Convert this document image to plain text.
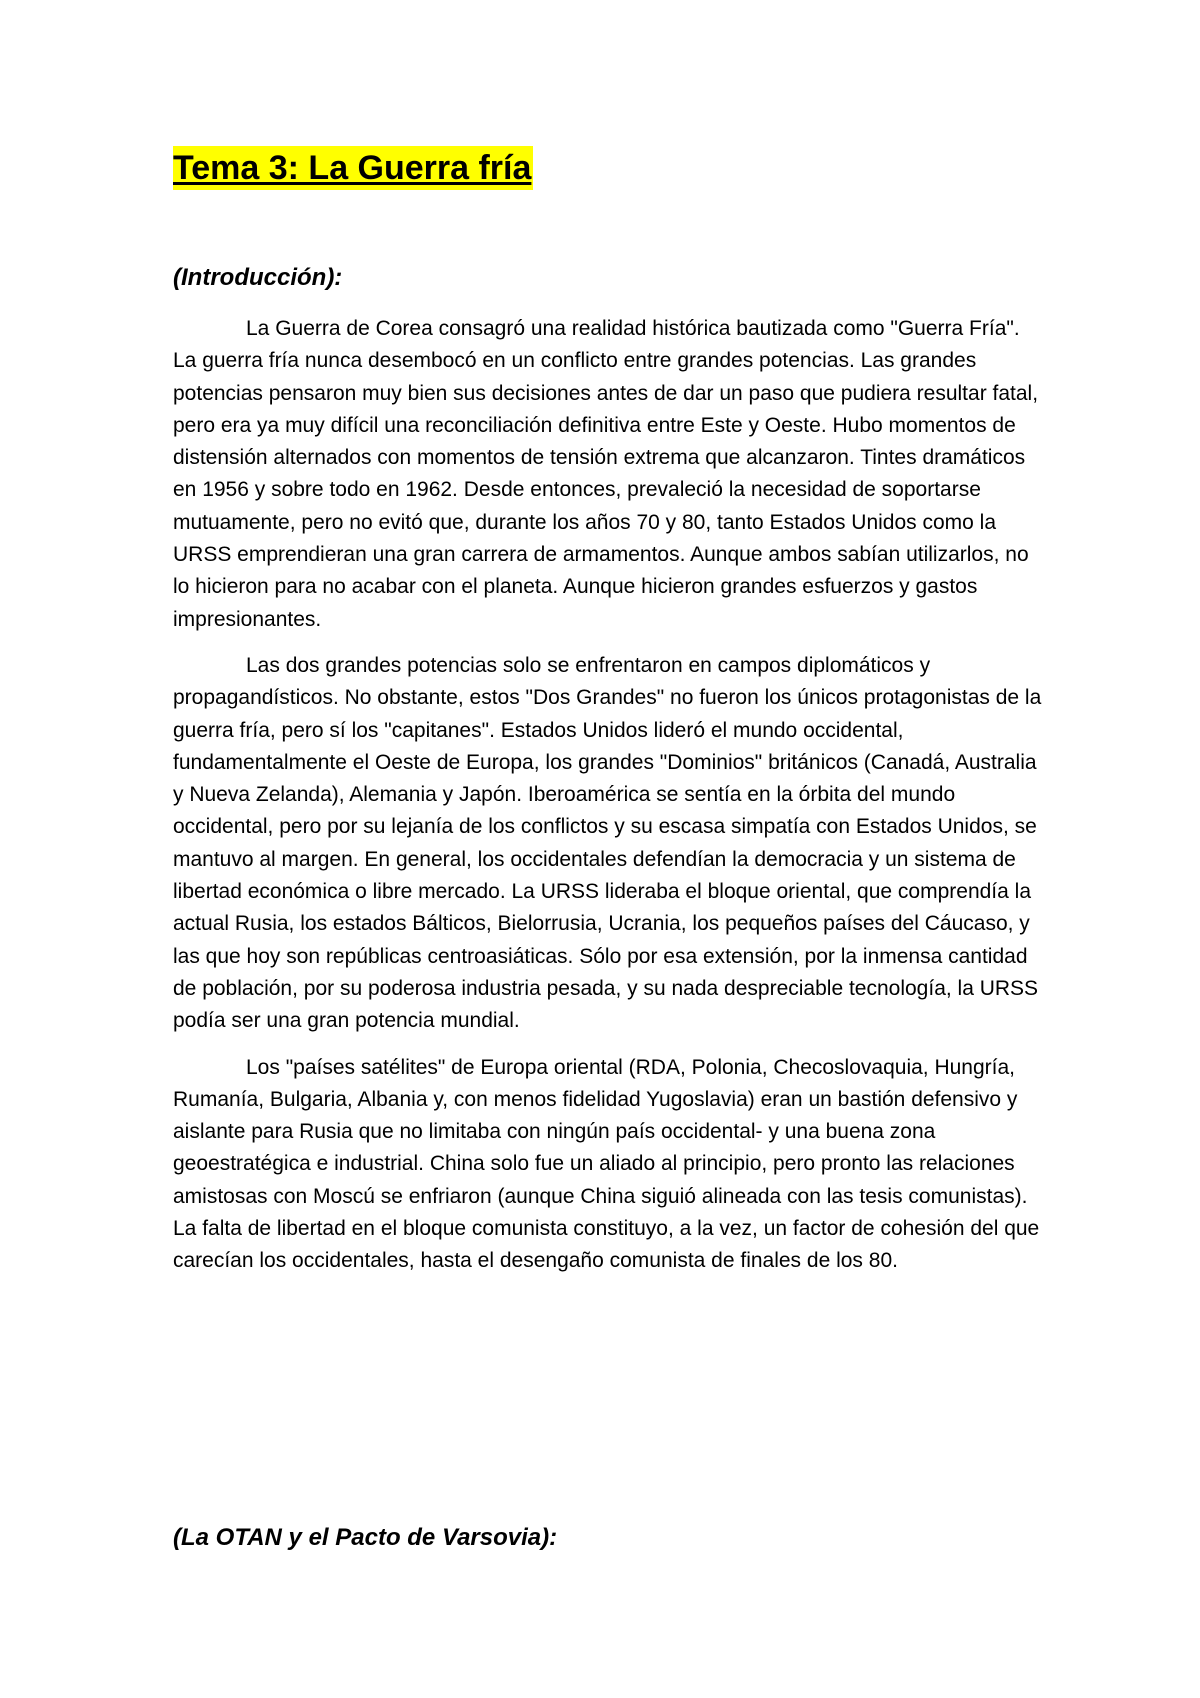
Tema 3: La Guerra fría
(Introducción):

La Guerra de Corea consagró una realidad histórica bautizada como "Guerra Fría". La guerra fría nunca desembocó en un conflicto entre grandes potencias. Las grandes potencias pensaron muy bien sus decisiones antes de dar un paso que pudiera resultar fatal, pero era ya muy difícil una reconciliación definitiva entre Este y Oeste. Hubo momentos de distensión alternados con momentos de tensión extrema que alcanzaron. Tintes dramáticos en 1956 y sobre todo en 1962. Desde entonces, prevaleció la necesidad de soportarse mutuamente, pero no evitó que, durante los años 70 y 80, tanto Estados Unidos como la URSS emprendieran una gran carrera de armamentos. Aunque ambos sabían utilizarlos, no lo hicieron para no acabar con el planeta. Aunque hicieron grandes esfuerzos y gastos impresionantes.

Las dos grandes potencias solo se enfrentaron en campos diplomáticos y propagandísticos. No obstante, estos "Dos Grandes" no fueron los únicos protagonistas de la guerra fría, pero sí los "capitanes". Estados Unidos lideró el mundo occidental, fundamentalmente el Oeste de Europa, los grandes "Dominios" británicos (Canadá, Australia y Nueva Zelanda), Alemania y Japón. Iberoamérica se sentía en la órbita del mundo occidental, pero por su lejanía de los conflictos y su escasa simpatía con Estados Unidos, se mantuvo al margen. En general, los occidentales defendían la democracia y un sistema de libertad económica o libre mercado. La URSS lideraba el bloque oriental, que comprendía la actual Rusia, los estados Bálticos, Bielorrusia, Ucrania, los pequeños países del Cáucaso, y las que hoy son repúblicas centroasiáticas. Sólo por esa extensión, por la inmensa cantidad de población, por su poderosa industria pesada, y su nada despreciable tecnología, la URSS podía ser una gran potencia mundial.

Los "países satélites" de Europa oriental (RDA, Polonia, Checoslovaquia, Hungría, Rumanía, Bulgaria, Albania y, con menos fidelidad Yugoslavia) eran un bastión defensivo y aislante para Rusia que no limitaba con ningún país occidental- y una buena zona geoestratégica e industrial. China solo fue un aliado al principio, pero pronto las relaciones amistosas con Moscú se enfriaron (aunque China siguió alineada con las tesis comunistas). La falta de libertad en el bloque comunista constituyo, a la vez, un factor de cohesión del que carecían los occidentales, hasta el desengaño comunista de finales de los 80.

(La OTAN y el Pacto de Varsovia):
